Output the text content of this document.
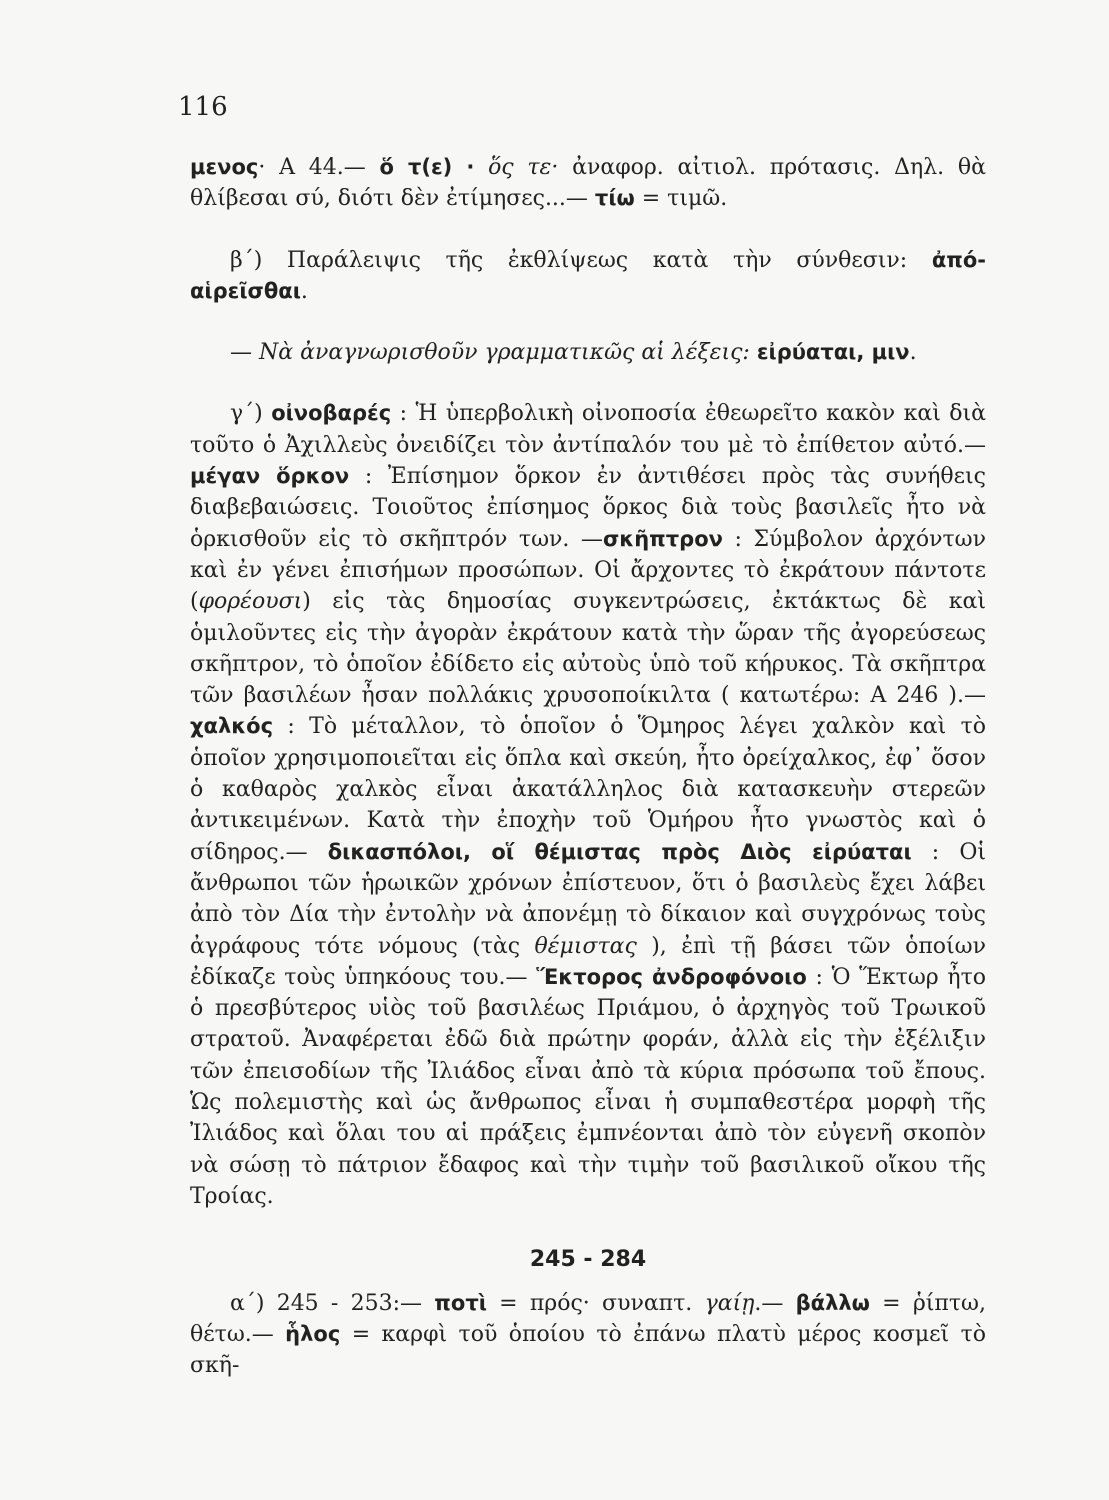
116

μενος· Α 44.— ὅ τ(ε) · ὅς τε· ἀναφορ. αἰτιολ. πρότασις. Δηλ. θὰ θλίβεσαι σύ, διότι δὲν ἐτίμησες...— τίω = τιμῶ.

β΄) Παράλειψις τῆς ἐκθλίψεως κατὰ τὴν σύνθεσιν: ἀπό- αἱρεῖσθαι.

— Νὰ ἀναγνωρισθοῦν γραμματικῶς αἱ λέξεις: εἰρύαται, μιν.

γ΄) οἰνοβαρές : Ἡ ὑπερβολικὴ οἰνοποσία ἐθεωρεῖτο κακὸν καὶ διὰ τοῦτο ὁ Ἀχιλλεὺς ὀνειδίζει τὸν ἀντίπαλόν του μὲ τὸ ἐπίθετον αὐτό.— μέγαν ὅρκον : Ἐπίσημον ὅρκον ἐν ἀντιθέσει πρὸς τὰς συνήθεις διαβεβαιώσεις. Τοιοῦτος ἐπίσημος ὅρκος διὰ τοὺς βασιλεῖς ἦτο νὰ ὁρκισθοῦν εἰς τὸ σκῆπτρόν των. —σκῆπτρον : Σύμβολον ἀρχόντων καὶ ἐν γένει ἐπισήμων προσώπων. Οἱ ἄρχοντες τὸ ἐκράτουν πάντοτε (φορέουσι) εἰς τὰς δημοσίας συγκεντρώσεις, ἐκτάκτως δὲ καὶ ὁμιλοῦντες εἰς τὴν ἀγορὰν ἐκράτουν κατὰ τὴν ὥραν τῆς ἀγορεύσεως σκῆπτρον, τὸ ὁποῖον ἐδίδετο εἰς αὐτοὺς ὑπὸ τοῦ κήρυκος. Τὰ σκῆπτρα τῶν βασιλέων ἦσαν πολλάκις χρυσοποίκιλτα ( κατωτέρω: Α 246 ).—χαλκός : Τὸ μέταλλον, τὸ ὁποῖον ὁ Ὅμηρος λέγει χαλκὸν καὶ τὸ ὁποῖον χρησιμοποιεῖται εἰς ὅπλα καὶ σκεύη, ἦτο ὀρείχαλκος, ἐφ᾽ ὅσον ὁ καθαρὸς χαλκὸς εἶναι ἀκατάλληλος διὰ κατασκευὴν στερεῶν ἀντικειμένων. Κατὰ τὴν ἐποχὴν τοῦ Ὁμήρου ἦτο γνωστὸς καὶ ὁ σίδηρος.— δικασπόλοι, οἵ θέμιστας πρὸς Διὸς εἰρύαται : Οἱ ἄνθρωποι τῶν ἡρωικῶν χρόνων ἐπίστευον, ὅτι ὁ βασιλεὺς ἔχει λάβει ἀπὸ τὸν Δία τὴν ἐντολὴν νὰ ἀπονέμῃ τὸ δίκαιον καὶ συγχρόνως τοὺς ἀγράφους τότε νόμους (τὰς θέμιστας ), ἐπὶ τῇ βάσει τῶν ὁποίων ἐδίκαζε τοὺς ὑπηκόους του.— Ἕκτορος ἀνδροφόνοιο : Ὁ Ἕκτωρ ἦτο ὁ πρεσβύτερος υἱὸς τοῦ βασιλέως Πριάμου, ὁ ἀρχηγὸς τοῦ Τρωικοῦ στρατοῦ. Ἀναφέρεται ἐδῶ διὰ πρώτην φοράν, ἀλλὰ εἰς τὴν ἐξέλιξιν τῶν ἐπεισοδίων τῆς Ἰλιάδος εἶναι ἀπὸ τὰ κύρια πρόσωπα τοῦ ἔπους. Ὡς πολεμιστὴς καὶ ὡς ἄνθρωπος εἶναι ἡ συμπαθεστέρα μορφὴ τῆς Ἰλιάδος καὶ ὅλαι του αἱ πράξεις ἐμπνέονται ἀπὸ τὸν εὐγενῆ σκοπὸν νὰ σώσῃ τὸ πάτριον ἔδαφος καὶ τὴν τιμὴν τοῦ βασιλικοῦ οἴκου τῆς Τροίας.

245 - 284

α΄) 245 - 253:— ποτὶ = πρός· συναπτ. γαίῃ.— βάλλω = ῥίπτω, θέτω.— ἧλος = καρφὶ τοῦ ὁποίου τὸ ἐπάνω πλατὺ μέρος κοσμεῖ τὸ σκῆ-
